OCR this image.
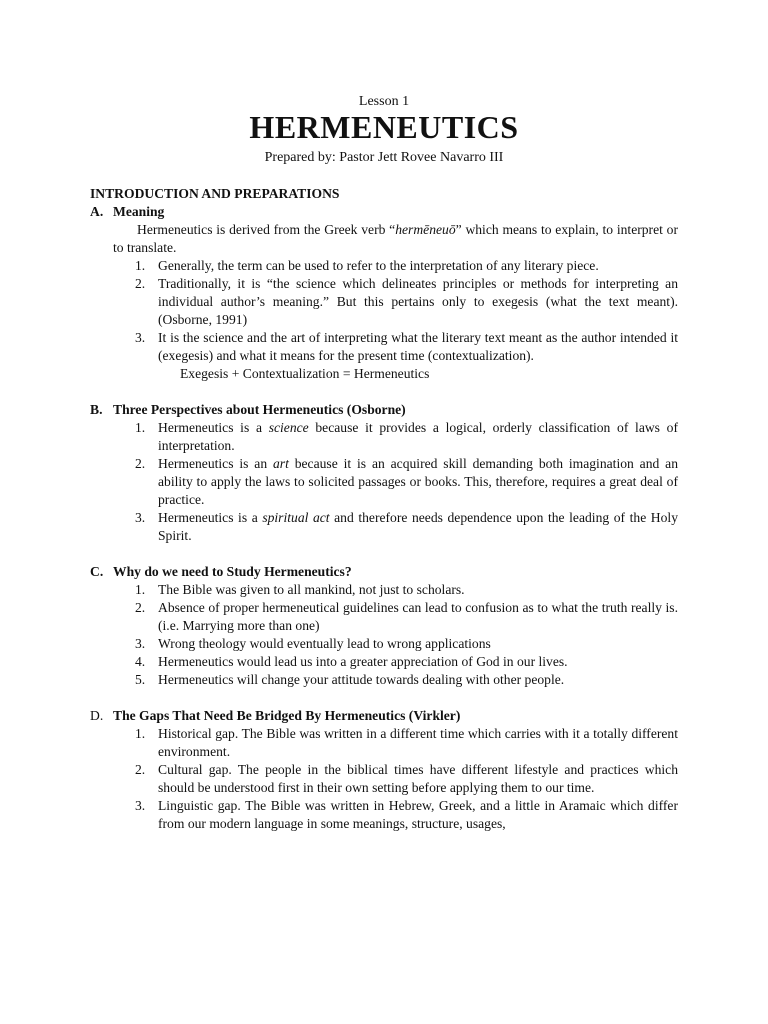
Lesson 1
HERMENEUTICS
Prepared by: Pastor Jett Rovee Navarro III
INTRODUCTION AND PREPARATIONS
A. Meaning
Hermeneutics is derived from the Greek verb “hermēneuō” which means to explain, to interpret or to translate.
1. Generally, the term can be used to refer to the interpretation of any literary piece.
2. Traditionally, it is “the science which delineates principles or methods for interpreting an individual author’s meaning.” But this pertains only to exegesis (what the text meant). (Osborne, 1991)
3. It is the science and the art of interpreting what the literary text meant as the author intended it (exegesis) and what it means for the present time (contextualization).
Exegesis + Contextualization = Hermeneutics
B. Three Perspectives about Hermeneutics (Osborne)
1. Hermeneutics is a science because it provides a logical, orderly classification of laws of interpretation.
2. Hermeneutics is an art because it is an acquired skill demanding both imagination and an ability to apply the laws to solicited passages or books. This, therefore, requires a great deal of practice.
3. Hermeneutics is a spiritual act and therefore needs dependence upon the leading of the Holy Spirit.
C. Why do we need to Study Hermeneutics?
1. The Bible was given to all mankind, not just to scholars.
2. Absence of proper hermeneutical guidelines can lead to confusion as to what the truth really is. (i.e. Marrying more than one)
3. Wrong theology would eventually lead to wrong applications
4. Hermeneutics would lead us into a greater appreciation of God in our lives.
5. Hermeneutics will change your attitude towards dealing with other people.
D. The Gaps That Need Be Bridged By Hermeneutics (Virkler)
1. Historical gap. The Bible was written in a different time which carries with it a totally different environment.
2. Cultural gap. The people in the biblical times have different lifestyle and practices which should be understood first in their own setting before applying them to our time.
3. Linguistic gap. The Bible was written in Hebrew, Greek, and a little in Aramaic which differ from our modern language in some meanings, structure, usages,
